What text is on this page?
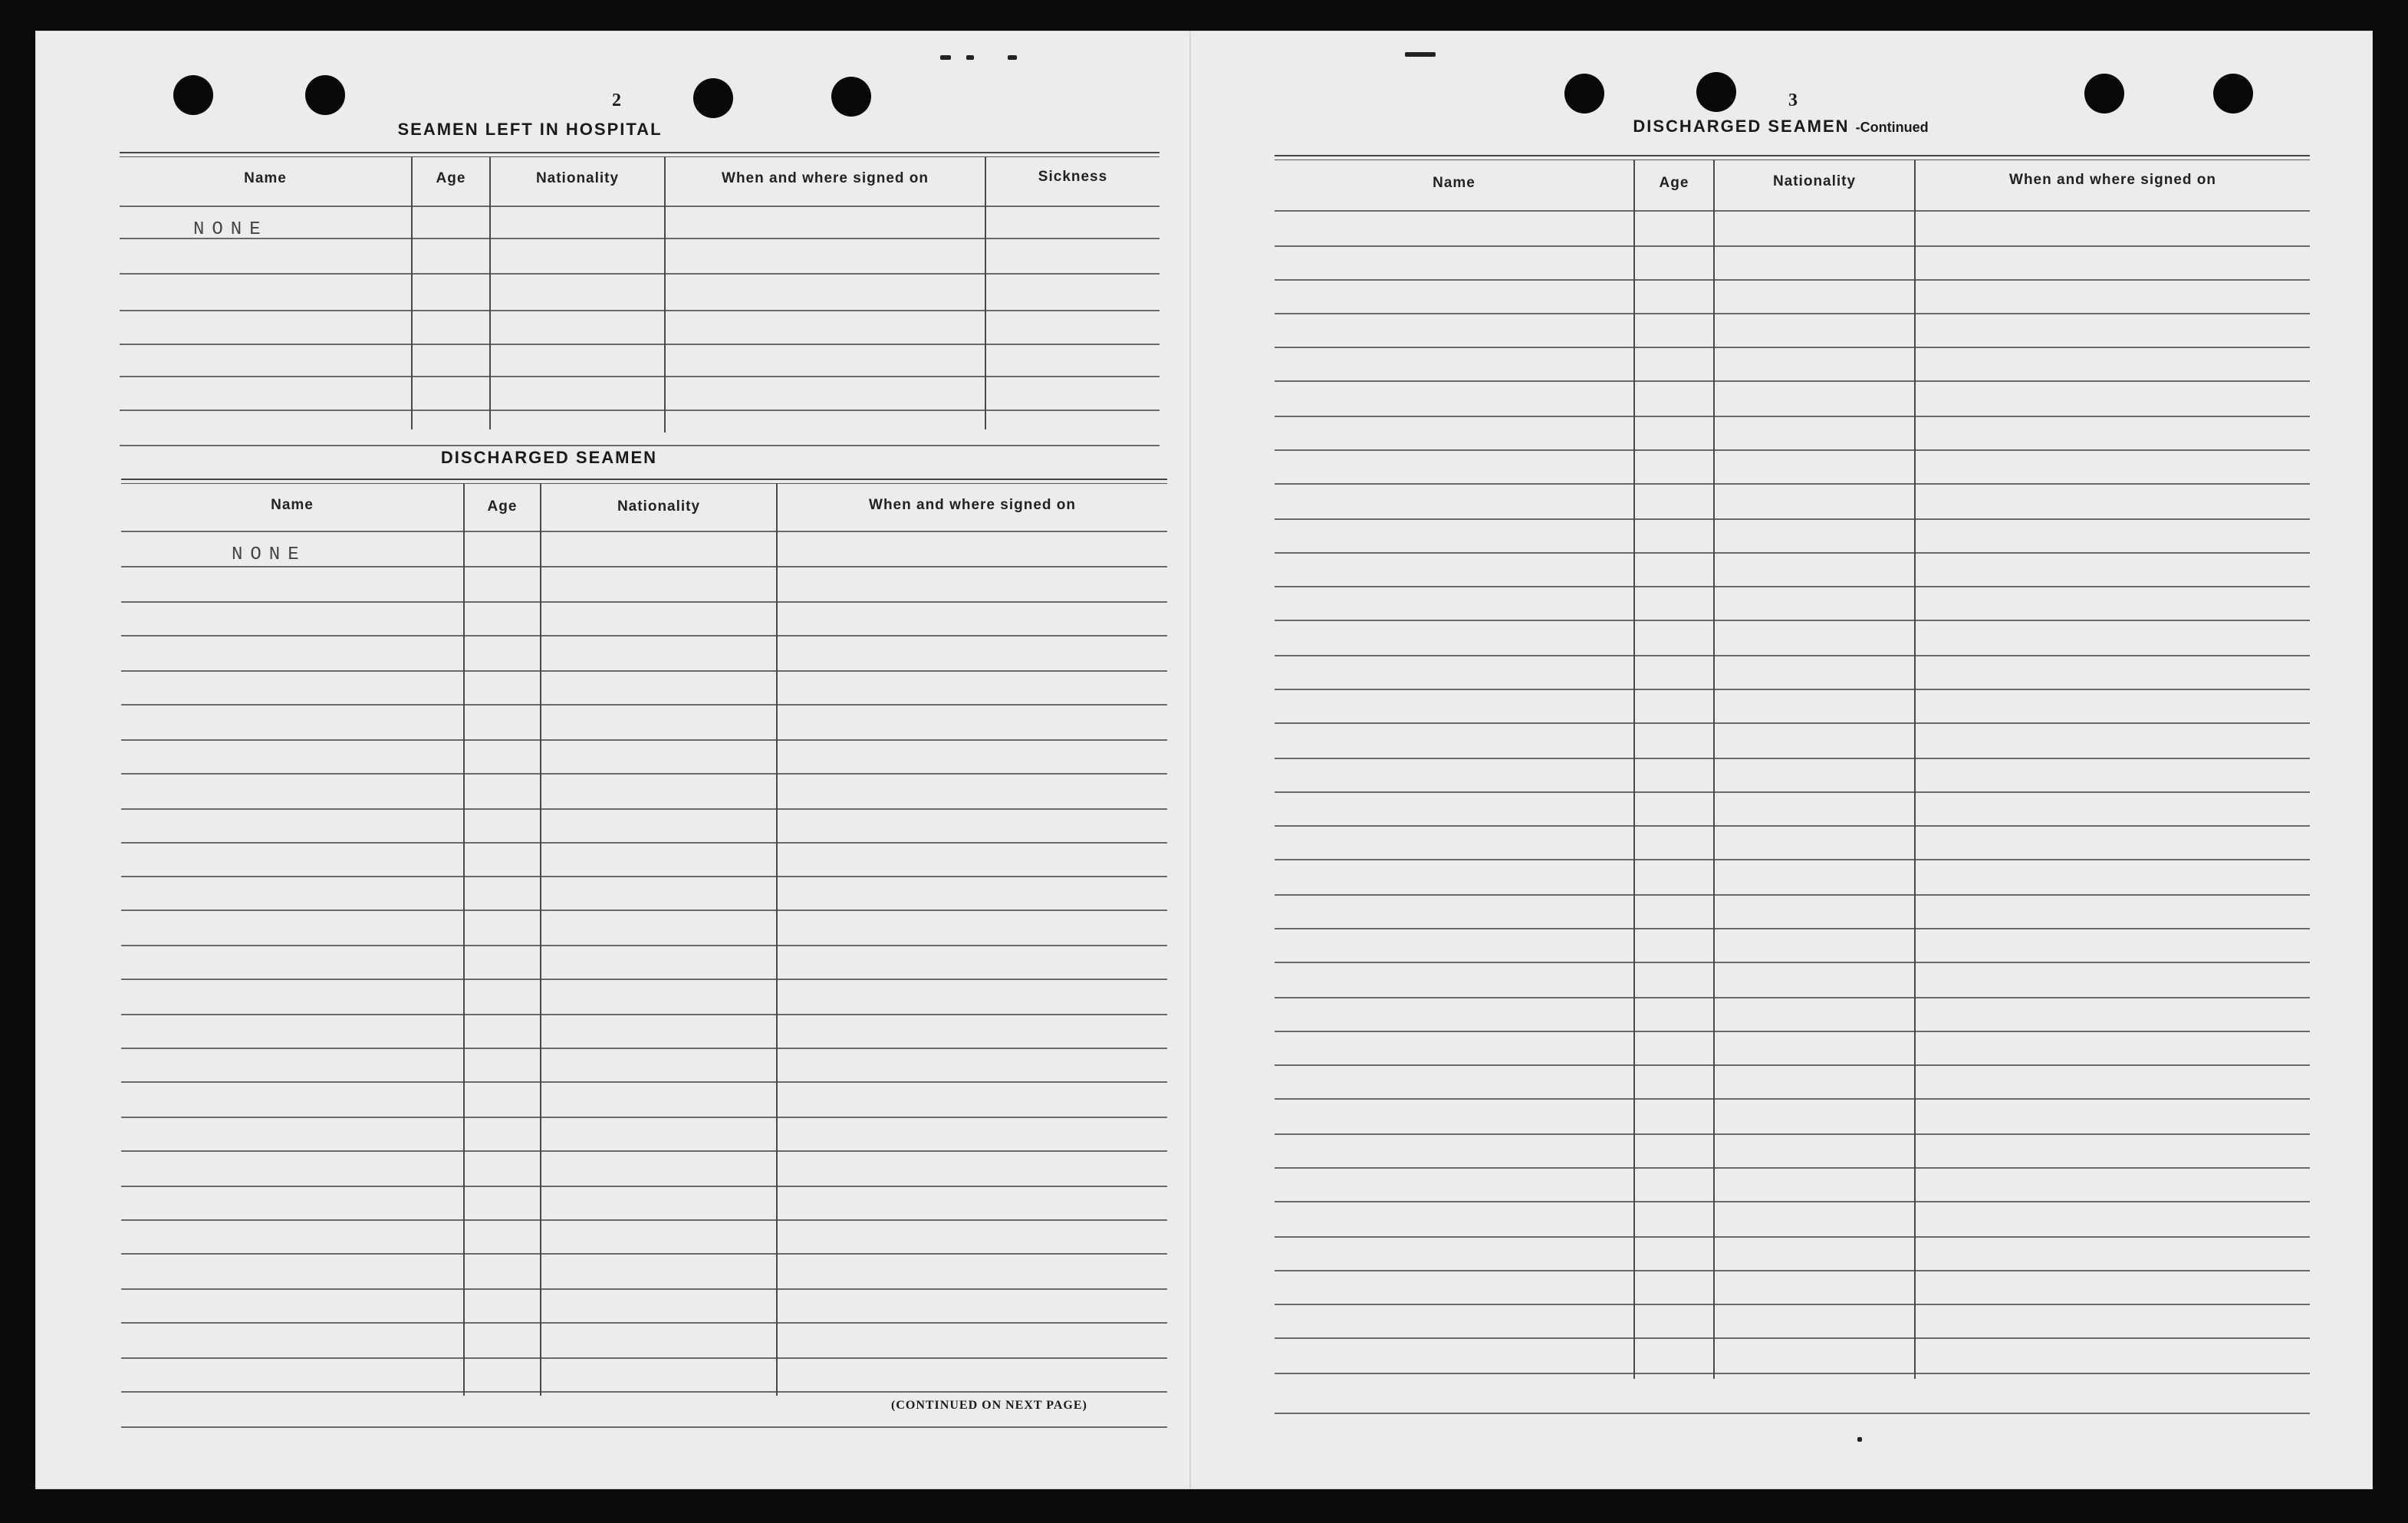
2
SEAMEN LEFT IN HOSPITAL
Name	Age	Nationality	When and where signed on	Sickness
NONE
DISCHARGED SEAMEN
Name	Age	Nationality	When and where signed on
NONE
(CONTINUED ON NEXT PAGE)
3
DISCHARGED SEAMEN -Continued
Name	Age	Nationality	When and where signed on
